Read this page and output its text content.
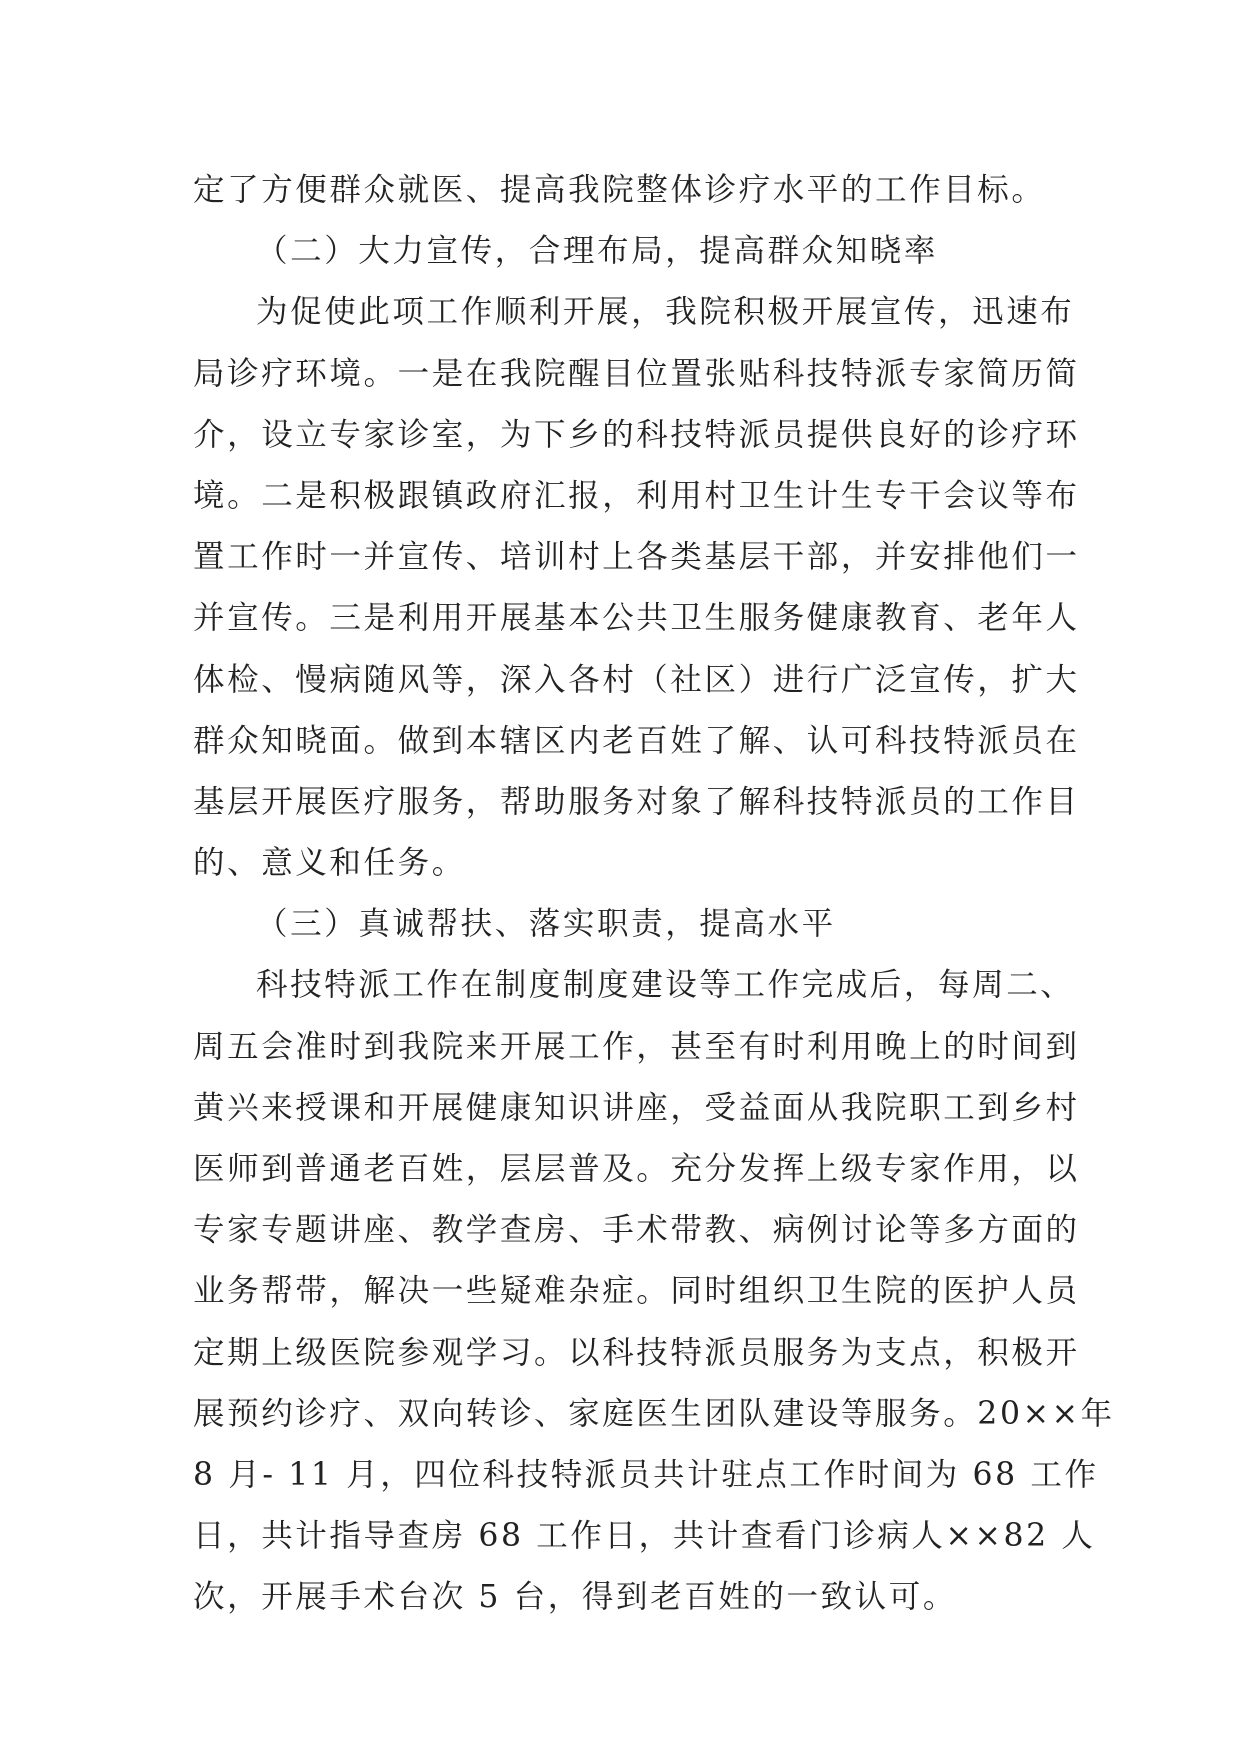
定了方便群众就医、提高我院整体诊疗水平的工作目标。
（二）大力宣传，合理布局，提高群众知晓率
为促使此项工作顺利开展，我院积极开展宣传，迅速布
局诊疗环境。一是在我院醒目位置张贴科技特派专家简历简
介，设立专家诊室，为下乡的科技特派员提供良好的诊疗环
境。二是积极跟镇政府汇报，利用村卫生计生专干会议等布
置工作时一并宣传、培训村上各类基层干部，并安排他们一
并宣传。三是利用开展基本公共卫生服务健康教育、老年人
体检、慢病随风等，深入各村（社区）进行广泛宣传，扩大
群众知晓面。做到本辖区内老百姓了解、认可科技特派员在
基层开展医疗服务，帮助服务对象了解科技特派员的工作目
的、意义和任务。
（三）真诚帮扶、落实职责，提高水平
科技特派工作在制度制度建设等工作完成后，每周二、
周五会准时到我院来开展工作，甚至有时利用晚上的时间到
黄兴来授课和开展健康知识讲座，受益面从我院职工到乡村
医师到普通老百姓，层层普及。充分发挥上级专家作用，以
专家专题讲座、教学查房、手术带教、病例讨论等多方面的
业务帮带，解决一些疑难杂症。同时组织卫生院的医护人员
定期上级医院参观学习。以科技特派员服务为支点，积极开
展预约诊疗、双向转诊、家庭医生团队建设等服务。20××年
8 月- 11 月，四位科技特派员共计驻点工作时间为 68 工作
日，共计指导查房 68 工作日，共计查看门诊病人××82 人
次，开展手术台次 5 台，得到老百姓的一致认可。
